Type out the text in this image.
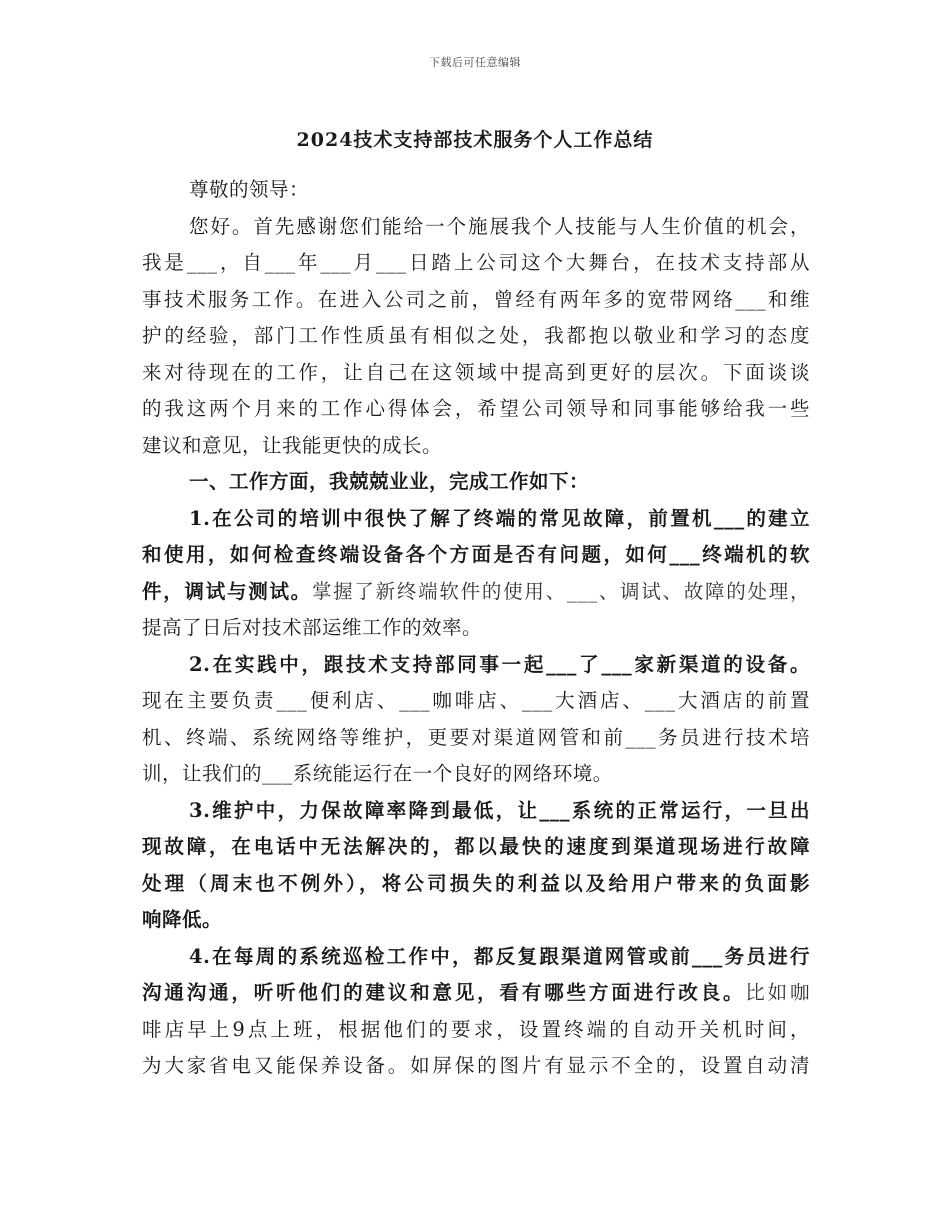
下载后可任意编辑
2024技术支持部技术服务个人工作总结
尊敬的领导：
您好。首先感谢您们能给一个施展我个人技能与人生价值的机会，
我是___，自___年___月___日踏上公司这个大舞台，在技术支持部从
事技术服务工作。在进入公司之前，曾经有两年多的宽带网络___和维
护的经验，部门工作性质虽有相似之处，我都抱以敬业和学习的态度
来对待现在的工作，让自己在这领域中提高到更好的层次。下面谈谈
的我这两个月来的工作心得体会，希望公司领导和同事能够给我一些
建议和意见，让我能更快的成长。
一、工作方面，我兢兢业业，完成工作如下：
1.在公司的培训中很快了解了终端的常见故障，前置机___的建立
和使用，如何检查终端设备各个方面是否有问题，如何___终端机的软
件，调试与测试。掌握了新终端软件的使用、___、调试、故障的处理，
提高了日后对技术部运维工作的效率。
2.在实践中，跟技术支持部同事一起___了___家新渠道的设备。
现在主要负责___便利店、___咖啡店、___大酒店、___大酒店的前置
机、终端、系统网络等维护，更要对渠道网管和前___务员进行技术培
训，让我们的___系统能运行在一个良好的网络环境。
3.维护中，力保故障率降到最低，让___系统的正常运行，一旦出
现故障，在电话中无法解决的，都以最快的速度到渠道现场进行故障
处理（周末也不例外），将公司损失的利益以及给用户带来的负面影
响降低。
4.在每周的系统巡检工作中，都反复跟渠道网管或前___务员进行
沟通沟通，听听他们的建议和意见，看有哪些方面进行改良。比如咖
啡店早上9点上班，根据他们的要求，设置终端的自动开关机时间，
为大家省电又能保养设备。如屏保的图片有显示不全的，设置自动清
